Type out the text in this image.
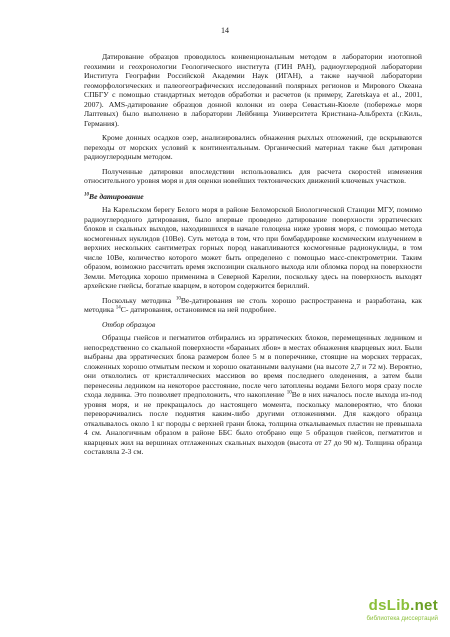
14

Датирование образцов проводилось конвенциональным методом в лаборатории изотопной геохимии и геохронологии Геологического института (ГИН РАН), радиоуглеродной лаборатории Института Географии Российской Академии Наук (ИГАН), а также научной лаборатории геоморфологических и палеогеографических исследований полярных регионов и Мирового Океана СПБГУ с помощью стандартных методов обработки и расчетов (к примеру, Zaretskaya et al., 2001, 2007). AMS-датирование образцов донной колонки из озера Севастьян-Кюеле (побережье моря Лаптевых) было выполнено в лаборатории Лейбница Университета Кристиана-Альбрехта (г.Киль, Германия).

Кроме донных осадков озер, анализировались обнажения рыхлых отложений, где вскрываются переходы от морских условий к континентальным. Органический материал также был датирован радиоуглеродным методом.

Полученные датировки впоследствии использовались для расчета скоростей изменения относительного уровня моря и для оценки новейших тектонических движений ключевых участков.

$^{10}$Ве датирование

На Карельском берегу Белого моря в районе Беломорской Биологической Станции МГУ, помимо радиоуглеродного датирования, было впервые проведено датирование поверхности эрратических блоков и скальных выходов, находившихся в начале голоцена ниже уровня моря, с помощью метода космогенных нуклидов (10Ве). Суть метода в том, что при бомбардировке космическим излучением в верхних нескольких сантиметрах горных пород накапливаются космогенные радионуклиды, в том числе 10Ве, количество которого может быть определено с помощью масс-спектрометрии. Таким образом, возможно рассчитать время экспозиции скального выхода или обломка пород на поверхности Земли. Методика хорошо применима в Северной Карелии, поскольку здесь на поверхность выходят архейские гнейсы, богатые кварцем, в котором содержится бериллий.

Поскольку методика $^{10}$Ве-датирования не столь хорошо распространена и разработана, как методика $^{14}$С- датирования, остановимся на ней подробнее.

Отбор образцов

Образцы гнейсов и пегматитов отбирались из эрратических блоков, перемещенных ледником и непосредственно со скальной поверхности «бараньих лбов» в местах обнажения кварцевых жил. Были выбраны два эрратических блока размером более 5 м в поперечнике, стоящие на морских террасах, сложенных хорошо отмытым песком и хорошо окатанными валунами (на высоте 2,7 и 72 м). Вероятно, они откололись от кристаллических массивов во время последнего оледенения, а затем были перенесены ледником на некоторое расстояние, после чего затоплены водами Белого моря сразу после схода ледника. Это позволяет предположить, что накопление $^{10}$Ве в них началось после выхода из-под уровня моря, и не прекращалось до настоящего момента, поскольку маловероятно, что блоки переворачивались после поднятия каким-либо другими отложениями. Для каждого образца откалывалось около 1 кг породы с верхней грани блока, толщина откалываемых пластин не превышала 4 см. Аналогичным образом в районе ББС было отобрано еще 5 образцов гнейсов, пегматитов и кварцевых жил на вершинах отглаженных скальных выходов (высота от 27 до 90 м). Толщина образца составляла 2-3 см.

dsLib.net
библиотека диссертаций
